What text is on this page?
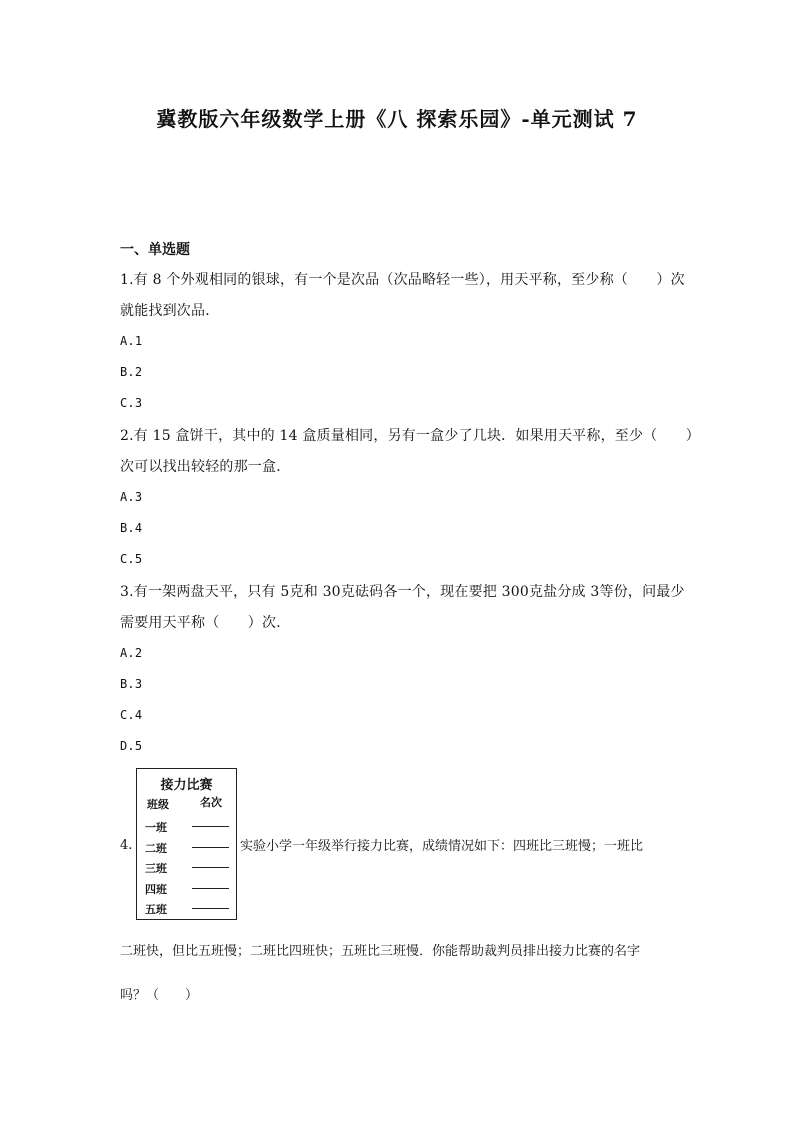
冀教版六年级数学上册《八 探索乐园》-单元测试 7
一、单选题
1.有 8 个外观相同的银球，有一个是次品（次品略轻一些），用天平称，至少称（　　）次
就能找到次品．
A.1
B.2
C.3
2.有 15 盒饼干，其中的 14 盒质量相同，另有一盒少了几块．如果用天平称，至少（　　）
次可以找出较轻的那一盒．
A.3
B.4
C.5
3.有一架两盘天平，只有 5克和 30克砝码各一个，现在要把 300克盐分成 3等份，问最少
需要用天平称（　　）次．
A.2
B.3
C.4
D.5
4.
接力比赛
班级	名次
一班
二班
三班
四班
五班
实验小学一年级举行接力比赛，成绩情况如下：四班比三班慢；一班比
二班快，但比五班慢；二班比四班快；五班比三班慢．你能帮助裁判员排出接力比赛的名字
吗？（　　）
